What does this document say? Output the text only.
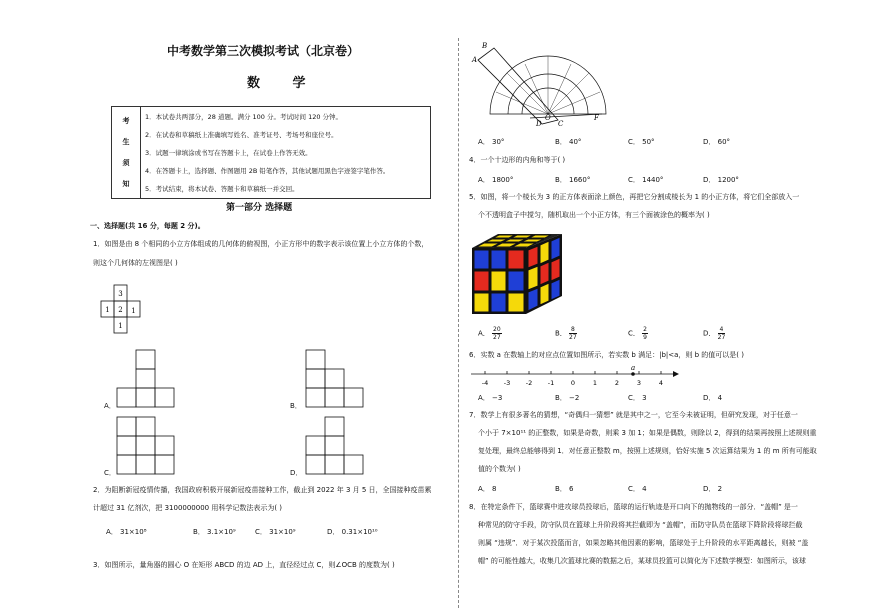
中考数学第三次模拟考试（北京卷）
数 学
考
生
须
知
	1．本试卷共两部分，28 道题。满分 100 分。考试时间 120 分钟。
2．在试卷和草稿纸上准确填写姓名、准考证号、考场号和座位号。
3．试题一律填涂或书写在答题卡上，在试卷上作答无效。
4．在答题卡上，选择题、作图题用 2B 铅笔作答，其他试题用黑色字迹签字笔作答。
5．考试结束，将本试卷、答题卡和草稿纸一并交回。
第一部分 选择题
一、选择题(共 16 分，每题 2 分)。
1．如图是由 8 个相同的小立方体组成的几何体的俯视图，小正方形中的数字表示该位置上小立方体的个数，
则这个几何体的左视图是( )
3
1 2 1
1
A．	B．
C．	D．
2．为阻断新冠疫情传播，我国政府积极开展新冠疫苗接种工作，截止到 2022 年 3 月 5 日，全国接种疫苗累
计超过 31 亿剂次，把 3100000000 用科学记数法表示为( )
A． 31×10⁸	B． 3.1×10⁹	C． 31×10⁹	D． 0.31×10¹⁰
3．如图所示，量角器的圆心 O 在矩形 ABCD 的边 AD 上，直径经过点 C，则∠OCB 的度数为( )
A
B
D
O
C
F
A． 30°	B． 40°	C． 50°	D． 60°
4．一个十边形的内角和等于( )
A． 1800°	B． 1660°	C． 1440°	D． 1200°
5．如图，将一个棱长为 3 的正方体表面涂上颜色，再把它分割成棱长为 1 的小正方体，将它们全部放入一
个不透明盒子中搅匀，随机取出一个小正方体，有三个面被涂色的概率为( )
A． $\frac{20}{27}$	B． $\frac{8}{27}$	C． $\frac{2}{9}$	D． $\frac{4}{27}$
6．实数 a 在数轴上的对应点位置如图所示，若实数 b 满足：|b|<a，则 b 的值可以是( )
a
-4 -3 -2 -1	0	1	2	3	4
A． −3	B． −2	C． 3	D． 4
7．数学上有很多著名的猜想，“奇偶归一猜想” 就是其中之一，它至今未被证明，但研究发现，对于任意一
个小于 7×10¹¹ 的正整数，如果是奇数，则乘 3 加 1；如果是偶数，则除以 2，得到的结果再按照上述规则重
复处理，最终总能够得到 1．对任意正整数 m，按照上述规则，恰好实施 5 次运算结果为 1 的 m 所有可能取
值的个数为( )
A． 8	B． 6	C． 4	D． 2
8．在特定条件下，篮球赛中进攻球员投球后，篮球的运行轨迹是开口向下的抛物线的一部分．“盖帽” 是一
种常见的防守手段，防守队员在篮球上升阶段将其拦截即为 “盖帽”，而防守队员在篮球下降阶段将球拦截
则属 “违规”．对于某次投篮而言，如果忽略其他因素的影响，篮球处于上升阶段的水平距离越长，则被 “盖
帽” 的可能性越大，收集几次篮球比赛的数据之后，某球员投篮可以简化为下述数学模型：如图所示，该球
